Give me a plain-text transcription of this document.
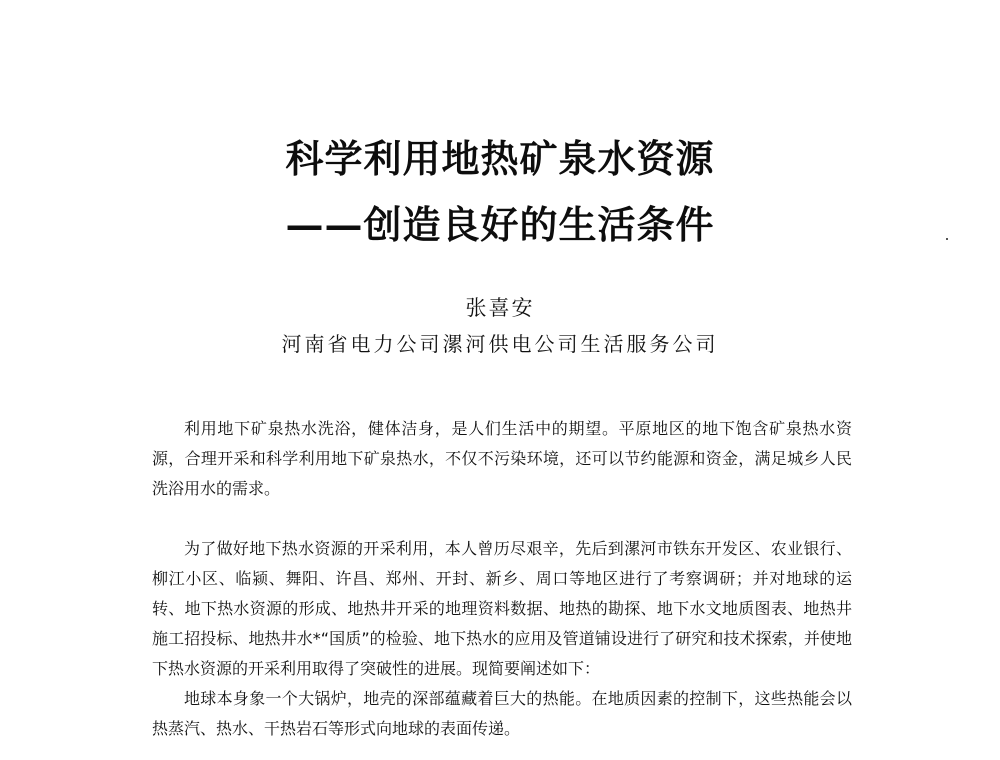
科学利用地热矿泉水资源
——创造良好的生活条件
张喜安
河南省电力公司漯河供电公司生活服务公司

利用地下矿泉热水洗浴，健体洁身，是人们生活中的期望。平原地区的地下饱含矿泉热水资源，合理开采和科学利用地下矿泉热水，不仅不污染环境，还可以节约能源和资金，满足城乡人民洗浴用水的需求。

为了做好地下热水资源的开采利用，本人曾历尽艰辛，先后到漯河市铁东开发区、农业银行、柳江小区、临颍、舞阳、许昌、郑州、开封、新乡、周口等地区进行了考察调研；并对地球的运转、地下热水资源的形成、地热井开采的地理资料数据、地热的勘探、地下水文地质图表、地热井施工招投标、地热井水*“国质”的检验、地下热水的应用及管道铺设进行了研究和技术探索，并使地下热水资源的开采利用取得了突破性的进展。现简要阐述如下：

地球本身象一个大锅炉，地壳的深部蕴藏着巨大的热能。在地质因素的控制下，这些热能会以热蒸汽、热水、干热岩石等形式向地球的表面传递。
